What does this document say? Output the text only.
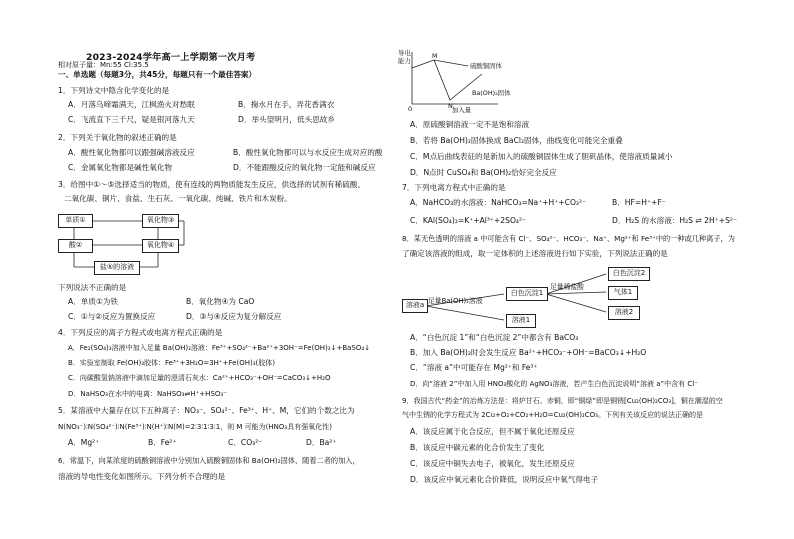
2023-2024学年高一上学期第一次月考
相对原子量：Mn:55 Cl:35.5
一、单选题（每题3分，共45分，每题只有一个最佳答案）
1．下列诗文中隐含化学变化的是
A．月落乌啼霜满天，江枫渔火对愁眠	B．掬水月在手，弄花香满衣
C．飞流直下三千尺，疑是银河落九天	D．举头望明月，低头思故乡
2．下列关于氧化物的叙述正确的是
A．酸性氧化物都可以跟强碱溶液反应	B．酸性氧化物都可以与水反应生成对应的酸
C．金属氧化物都是碱性氧化物	D．不能跟酸反应的氧化物一定能和碱反应
3．给图中①～⑤选择适当的物质，使有连线的两物质能发生反应，供选择的试剂有稀硫酸、
二氧化碳、铜片、食盐、生石灰、一氧化碳、纯碱、铁片和木炭粉。
单质①	氧化物③
酸②	氧化物④
盐⑤的溶液
下列说法不正确的是
A．单质①为铁	B．氧化物④为 CaO
C．①与②反应为置换反应	D．③与④反应为复分解反应
4．下列反应的离子方程式或电离方程式正确的是
A．Fe₂(SO₄)₃溶液中加入足量 Ba(OH)₂溶液：Fe³⁺+SO₄²⁻+Ba²⁺+3OH⁻=Fe(OH)₃↓+BaSO₄↓
B．实验室制取 Fe(OH)₃胶体：Fe³⁺+3H₂O=3H⁺+Fe(OH)₃(胶体)
C．向碳酸氢钠溶液中滴加足量的澄清石灰水：Ca²⁺+HCO₃⁻+OH⁻=CaCO₃↓+H₂O
D．NaHSO₃在水中的电离：NaHSO₃⇌H⁺+HSO₃⁻
5．某溶液中大量存在以下五种离子：NO₃⁻、SO₄²⁻、Fe³⁺、H⁺、M，它们的个数之比为
N(NO₃⁻)∶N(SO₄²⁻)∶N(Fe³⁺)∶N(H⁺)∶N(M)=2∶3∶1∶3∶1，则 M 可能为(HNO₃具有强氧化性)
A．Mg²⁺	B．Fe²⁺	C．CO₃²⁻	D．Ba²⁺
6．常温下，向某浓度的硫酸铜溶液中分别加入硫酸铜固体和 Ba(OH)₂固体，随着二者的加入，
溶液的导电性变化如图所示。下列分析不合理的是
导电
能力
M
N
0
硫酸铜固体
Ba(OH)₂固体
加入量
A．原硫酸铜溶液一定不是饱和溶液
B．若将 Ba(OH)₂固体换成 BaCl₂固体，曲线变化可能完全重叠
C．M点后曲线表征的是新加入的硫酸铜固体生成了胆矾晶体，使溶液质量减小
D．N点时 CuSO₄和 Ba(OH)₂恰好完全反应
7．下列电离方程式中正确的是
A．NaHCO₃的水溶液：NaHCO₃=Na⁺+H⁺+CO₃²⁻	B．HF=H⁺+F⁻
C．KAl(SO₄)₂=K⁺+Al³⁺+2SO₄²⁻	D．H₂S 的水溶液：H₂S ⇌ 2H⁺+S²⁻
8．某无色透明的溶液 a 中可能含有 Cl⁻、SO₄²⁻、HCO₃⁻、Na⁺、Mg²⁺和 Fe³⁺中的一种或几种离子，为
了确定该溶液的组成，取一定体积的上述溶液进行如下实验，下列说法正确的是
溶液a 足量Ba(OH)₂溶液
白色沉淀1
足量稀盐酸
白色沉淀2
气体1
溶液2
溶液1
A．“白色沉淀 1”和“白色沉淀 2”中都含有 BaCO₃
B．加入 Ba(OH)₂时会发生反应 Ba²⁺+HCO₃⁻+OH⁻=BaCO₃↓+H₂O
C．“溶液 a”中可能存在 Mg²⁺和 Fe³⁺
D．向“溶液 2”中加入用 HNO₃酸化的 AgNO₃溶液，若产生白色沉淀说明“溶液 a”中含有 Cl⁻
9．我国古代“药金”的冶炼方法是：将炉甘石、赤铜，即“铜绿”即是铜锈[Cu₂(OH)₂CO₃]，铜在潮湿的空
气中生锈的化学方程式为 2Cu+O₂+CO₂+H₂O=Cu₂(OH)₂CO₃。下列有关该反应的说法正确的是
A．该反应属于化合反应，但不属于氧化还原反应
B．该反应中碳元素的化合价发生了变化
C．该反应中铜失去电子，被氧化，发生还原反应
D．该反应中氧元素化合价降低，说明反应中氧气得电子
